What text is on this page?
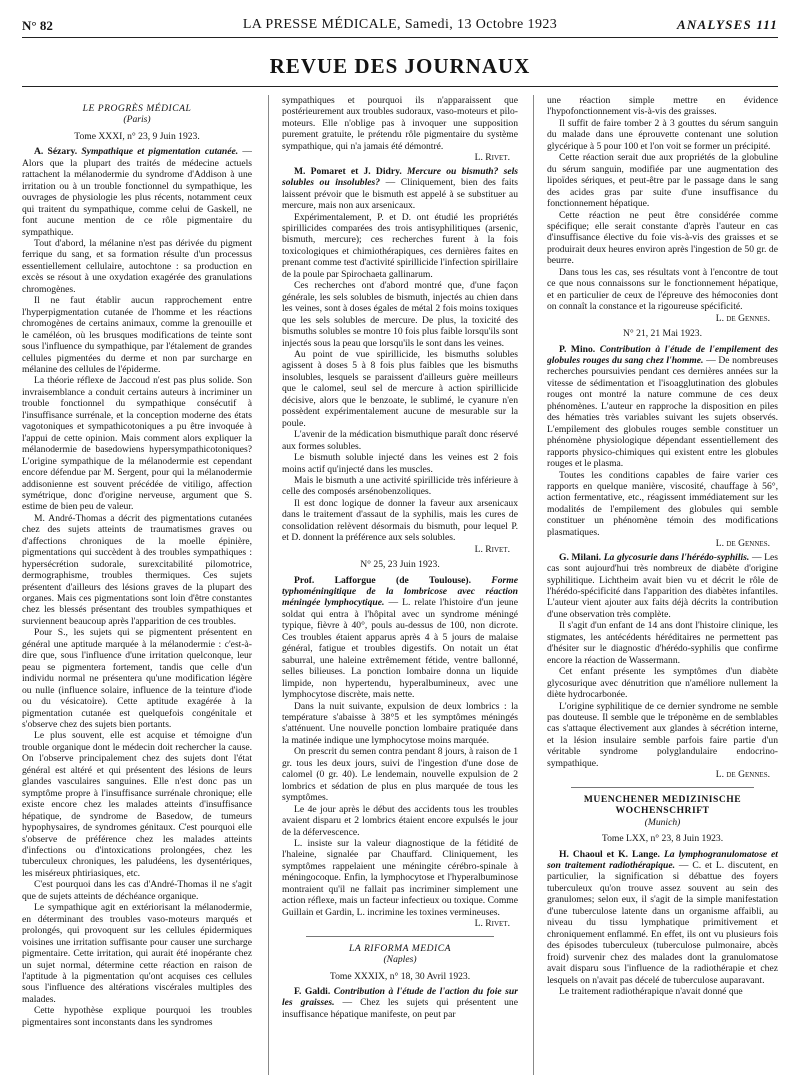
N° 82	LA PRESSE MÉDICALE, Samedi, 13 Octobre 1923	ANALYSES 111
REVUE DES JOURNAUX
LE PROGRÈS MÉDICAL
(Paris)
Tome XXXI, n° 23, 9 Juin 1923.

A. Sézary. Sympathique et pigmentation cutanée. — Alors que la plupart des traités de médecine actuels rattachent la mélanodermie du syndrome d'Addison à une irritation ou à un trouble fonctionnel du sympathique, les ouvrages de physiologie les plus récents, notamment ceux qui traitent du sympathique, comme celui de Gaskell, ne font aucune mention de ce rôle pigmentaire du sympathique.

Tout d'abord, la mélanine n'est pas dérivée du pigment ferrique du sang, et sa formation résulte d'un processus essentiellement cellulaire, autochtone : sa production en excès se résout à une oxydation exagérée des granulations chromogènes.

Il ne faut établir aucun rapprochement entre l'hyperpigmentation cutanée de l'homme et les réactions chromogènes de certains animaux, comme la grenouille et le caméléon, où les brusques modifications de teinte sont sous l'influence du sympathique, par l'étalement de grandes cellules pigmentées du derme et non par surcharge en mélanine des cellules de l'épiderme.

La théorie réflexe de Jaccoud n'est pas plus solide. Son invraisemblance a conduit certains auteurs à incriminer un trouble fonctionnel du sympathique consécutif à l'insuffisance surrénale, et la conception moderne des états vagotoniques et sympathicotoniques a pu être invoquée à l'appui de cette opinion. Mais comment alors expliquer la mélanodermie de basedowiens hypersympathicotoniques? L'origine sympathique de la mélanodermie est cependant encore défendue par M. Sergent, pour qui la mélanodermie addisonienne est souvent précédée de vitiligo, affection symétrique, donc d'origine nerveuse, argument que S. estime de bien peu de valeur.

M. André-Thomas a décrit des pigmentations cutanées chez des sujets atteints de traumatismes graves ou d'affections chroniques de la moelle épinière, pigmentations qui succèdent à des troubles sympathiques : hypersécrétion sudorale, surexcitabilité pilomotrice, dermographisme, troubles thermiques. Ces sujets présentent d'ailleurs des lésions graves de la plupart des organes. Mais ces pigmentations sont loin d'être constantes chez les blessés présentant des troubles sympathiques et surviennent beaucoup après l'apparition de ces troubles.

Pour S., les sujets qui se pigmentent présentent en général une aptitude marquée à la mélanodermie : c'est-à-dire que, sous l'influence d'une irritation quelconque, leur peau se pigmentera fortement, tandis que celle d'un individu normal ne présentera qu'une modification légère ou nulle (influence solaire, influence de la teinture d'iode ou du vésicatoire). Cette aptitude exagérée à la pigmentation cutanée est quelquefois congénitale et s'observe chez des sujets bien portants.

Le plus souvent, elle est acquise et témoigne d'un trouble organique dont le médecin doit rechercher la cause. On l'observe principalement chez des sujets dont l'état général est altéré et qui présentent des lésions de leurs glandes vasculaires sanguines. Elle n'est donc pas un symptôme propre à l'insuffisance surrénale chronique; elle existe encore chez les malades atteints d'insuffisance hépatique, de syndrome de Basedow, de tumeurs hypophysaires, de syndromes génitaux. C'est pourquoi elle s'observe de préférence chez les malades atteints d'infections ou d'intoxications prolongées, chez les tuberculeux chroniques, les paludéens, les dysentériques, les miséreux phtiriasiques, etc.

C'est pourquoi dans les cas d'André-Thomas il ne s'agit que de sujets atteints de déchéance organique.

Le sympathique agit en extériorisant la mélanodermie, en déterminant des troubles vaso-moteurs marqués et prolongés, qui provoquent sur les cellules épidermiques voisines une irritation suffisante pour causer une surcharge pigmentaire. Cette irritation, qui aurait été inopérante chez un sujet normal, détermine cette réaction en raison de l'aptitude à la pigmentation qu'ont acquises ces cellules sous l'influence des altérations viscérales multiples des malades.

Cette hypothèse explique pourquoi les troubles pigmentaires sont inconstants dans les syndromes

sympathiques et pourquoi ils n'apparaissent que postérieurement aux troubles sudoraux, vaso-moteurs et pilo-moteurs. Elle n'oblige pas à invoquer une supposition purement gratuite, le prétendu rôle pigmentaire du système sympathique, qui n'a jamais été démontré.

L. Rivet.

M. Pomaret et J. Didry. Mercure ou bismuth? sels solubles ou insolubles? — Cliniquement, bien des faits laissent prévoir que le bismuth est appelé à se substituer au mercure, mais non aux arsenicaux.

Expérimentalement, P. et D. ont étudié les propriétés spirillicides comparées des trois antisyphilitiques (arsenic, bismuth, mercure); ces recherches furent à la fois toxicologiques et chimiothérapiques, ces dernières faites en prenant comme test d'activité spirillicide l'infection spirillaire de la poule par Spirochaeta gallinarum.

Ces recherches ont d'abord montré que, d'une façon générale, les sels solubles de bismuth, injectés au chien dans les veines, sont à doses égales de métal 2 fois moins toxiques que les sels solubles de mercure. De plus, la toxicité des bismuths solubles se montre 10 fois plus faible lorsqu'ils sont injectés sous la peau que lorsqu'ils le sont dans les veines.

Au point de vue spirillicide, les bismuths solubles agissent à doses 5 à 8 fois plus faibles que les bismuths insolubles, lesquels se paraissent d'ailleurs guère meilleurs que le calomel, seul sel de mercure à action spirillicide décisive, alors que le benzoate, le sublimé, le cyanure n'en possèdent expérimentalement aucune de mesurable sur la poule.

L'avenir de la médication bismuthique paraît donc réservé aux formes solubles.

Le bismuth soluble injecté dans les veines est 2 fois moins actif qu'injecté dans les muscles.

Mais le bismuth a une activité spirillicide très inférieure à celle des composés arsénobenzoliques.

Il est donc logique de donner la faveur aux arsenicaux dans le traitement d'assaut de la syphilis, mais les cures de consolidation relèvent désormais du bismuth, pour lequel P. et D. donnent la préférence aux sels solubles.

L. Rivet.
N° 25, 23 Juin 1923.

Prof. Lafforgue (de Toulouse). Forme typhoméningitique de la lombricose avec réaction méningée lymphocytique. — L. relate l'histoire d'un jeune soldat qui entra à l'hôpital avec un syndrome méningé typique, fièvre à 40°, pouls au-dessus de 100, non dicrote. Ces troubles étaient apparus après 4 à 5 jours de malaise général, fatigue et troubles digestifs. On notait un état saburral, une haleine extrêmement fétide, ventre ballonné, selles bilieuses. La ponction lombaire donna un liquide limpide, non hypertendu, hyperalbumineux, avec une lymphocytose discrète, mais nette.

Dans la nuit suivante, expulsion de deux lombrics : la température s'abaisse à 38°5 et les symptômes méningés s'atténuent. Une nouvelle ponction lombaire pratiquée dans la matinée indique une lymphocytose moins marquée.

On prescrit du semen contra pendant 8 jours, à raison de 1 gr. tous les deux jours, suivi de l'ingestion d'une dose de calomel (0 gr. 40). Le lendemain, nouvelle expulsion de 2 lombrics et sédation de plus en plus marquée de tous les symptômes.

Le 4e jour après le début des accidents tous les troubles avaient disparu et 2 lombrics étaient encore expulsés le jour de la défervescence.

L. insiste sur la valeur diagnostique de la fétidité de l'haleine, signalée par Chauffard. Cliniquement, les symptômes rappelaient une méningite cérébro-spinale à méningocoque. Enfin, la lymphocytose et l'hyperalbuminose montraient qu'il ne fallait pas incriminer simplement une action réflexe, mais un facteur infectieux ou toxique. Comme Guillain et Gardin, L. incrimine les toxines vermineuses.

L. Rivet.
LA RIFORMA MEDICA
(Naples)
Tome XXXIX, n° 18, 30 Avril 1923.

F. Galdi. Contribution à l'étude de l'action du foie sur les graisses. — Chez les sujets qui présentent une insuffisance hépatique manifeste, on peut par

une réaction simple mettre en évidence l'hypofonctionnement vis-à-vis des graisses.

Il suffit de faire tomber 2 à 3 gouttes du sérum sanguin du malade dans une éprouvette contenant une solution glycérique à 5 pour 100 et l'on voit se former un précipité.

Cette réaction serait due aux propriétés de la globuline du sérum sanguin, modifiée par une augmentation des lipoïdes sériques, et peut-être par le passage dans le sang des acides gras par suite d'une insuffisance du fonctionnement hépatique.

Cette réaction ne peut être considérée comme spécifique; elle serait constante d'après l'auteur en cas d'insuffisance élective du foie vis-à-vis des graisses et se produirait deux heures environ après l'ingestion de 50 gr. de beurre.

Dans tous les cas, ses résultats vont à l'encontre de tout ce que nous connaissons sur le fonctionnement hépatique, et en particulier de ceux de l'épreuve des hémoconies dont on connaît la constance et la rigoureuse spécificité.

L. de Gennes.
N° 21, 21 Mai 1923.

P. Mino. Contribution à l'étude de l'empilement des globules rouges du sang chez l'homme. — De nombreuses recherches poursuivies pendant ces dernières années sur la vitesse de sédimentation et l'isoagglutination des globules rouges ont montré la nature commune de ces deux phénomènes. L'auteur en rapproche la disposition en piles des hématies très variables suivant les sujets observés. L'empilement des globules rouges semble constituer un phénomène physiologique dépendant essentiellement des rapports physico-chimiques qui existent entre les globules rouges et le plasma.

Toutes les conditions capables de faire varier ces rapports en quelque manière, viscosité, chauffage à 56°, action fermentative, etc., réagissent immédiatement sur les modalités de l'empilement des globules qui semble constituer un phénomène témoin des modifications plasmatiques.

L. de Gennes.

G. Milani. La glycosurie dans l'hérédo-syphilis. — Les cas sont aujourd'hui très nombreux de diabète d'origine syphilitique. Lichtheim avait bien vu et décrit le rôle de l'hérédo-spécificité dans l'apparition des diabètes infantiles. L'auteur vient ajouter aux faits déjà décrits la contribution d'une observation très complète.

Il s'agit d'un enfant de 14 ans dont l'histoire clinique, les stigmates, les antécédents héréditaires ne permettent pas d'hésiter sur le diagnostic d'hérédo-syphilis que confirme encore la réaction de Wassermann.

Cet enfant présente les symptômes d'un diabète glycosurique avec dénutrition que n'améliore nullement la diète hydrocarbonée.

L'origine syphilitique de ce dernier syndrome ne semble pas douteuse. Il semble que le tréponème en de semblables cas s'attaque électivement aux glandes à sécrétion interne, et la lésion insulaire semble parfois faire partie d'un véritable syndrome polyglandulaire endocrino-sympathique.

L. de Gennes.
MUENCHENER MEDIZINISCHE WOCHENSCHRIFT
(Munich)
Tome LXX, n° 23, 8 Juin 1923.

H. Chaoul et K. Lange. La lymphogranulomatose et son traitement radiothérapique. — C. et L. discutent, en particulier, la signification si débattue des foyers tuberculeux qu'on trouve assez souvent au sein des granulomes; selon eux, il s'agit de la simple manifestation d'une tuberculose latente dans un organisme affaibli, au niveau du tissu lymphatique primitivement et chroniquement enflammé. En effet, ils ont vu plusieurs fois des épisodes tuberculeux (tuberculose pulmonaire, abcès froid) survenir chez des malades dont la granulomatose avait disparu sous l'influence de la radiothérapie et chez lesquels on n'avait pas décelé de tuberculose auparavant.

Le traitement radiothérapique n'avait donné que
